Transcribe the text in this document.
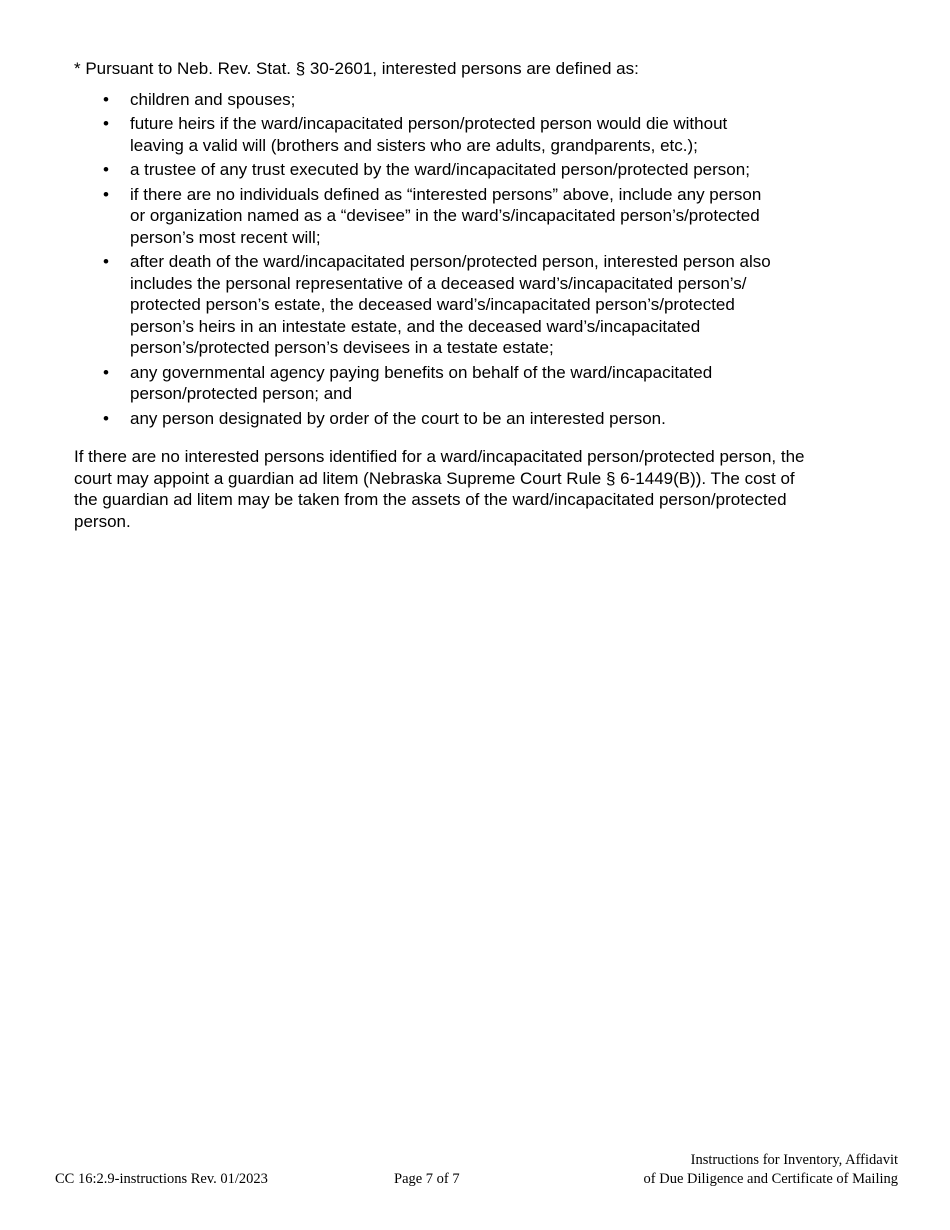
* Pursuant to Neb. Rev. Stat. § 30-2601, interested persons are defined as:

• children and spouses;
• future heirs if the ward/incapacitated person/protected person would die without
leaving a valid will (brothers and sisters who are adults, grandparents, etc.);
• a trustee of any trust executed by the ward/incapacitated person/protected person;
• if there are no individuals defined as “interested persons” above, include any person
or organization named as a “devisee” in the ward’s/incapacitated person’s/protected
person’s most recent will;
• after death of the ward/incapacitated person/protected person, interested person also
includes the personal representative of a deceased ward’s/incapacitated person’s/
protected person’s estate, the deceased ward’s/incapacitated person’s/protected
person’s heirs in an intestate estate, and the deceased ward’s/incapacitated
person’s/protected person’s devisees in a testate estate;
• any governmental agency paying benefits on behalf of the ward/incapacitated
person/protected person; and
• any person designated by order of the court to be an interested person.

If there are no interested persons identified for a ward/incapacitated person/protected person, the
court may appoint a guardian ad litem (Nebraska Supreme Court Rule § 6-1449(B)). The cost of
the guardian ad litem may be taken from the assets of the ward/incapacitated person/protected
person.

CC 16:2.9-instructions Rev. 01/2023	Page 7 of 7
Instructions for Inventory, Affidavit
of Due Diligence and Certificate of Mailing
